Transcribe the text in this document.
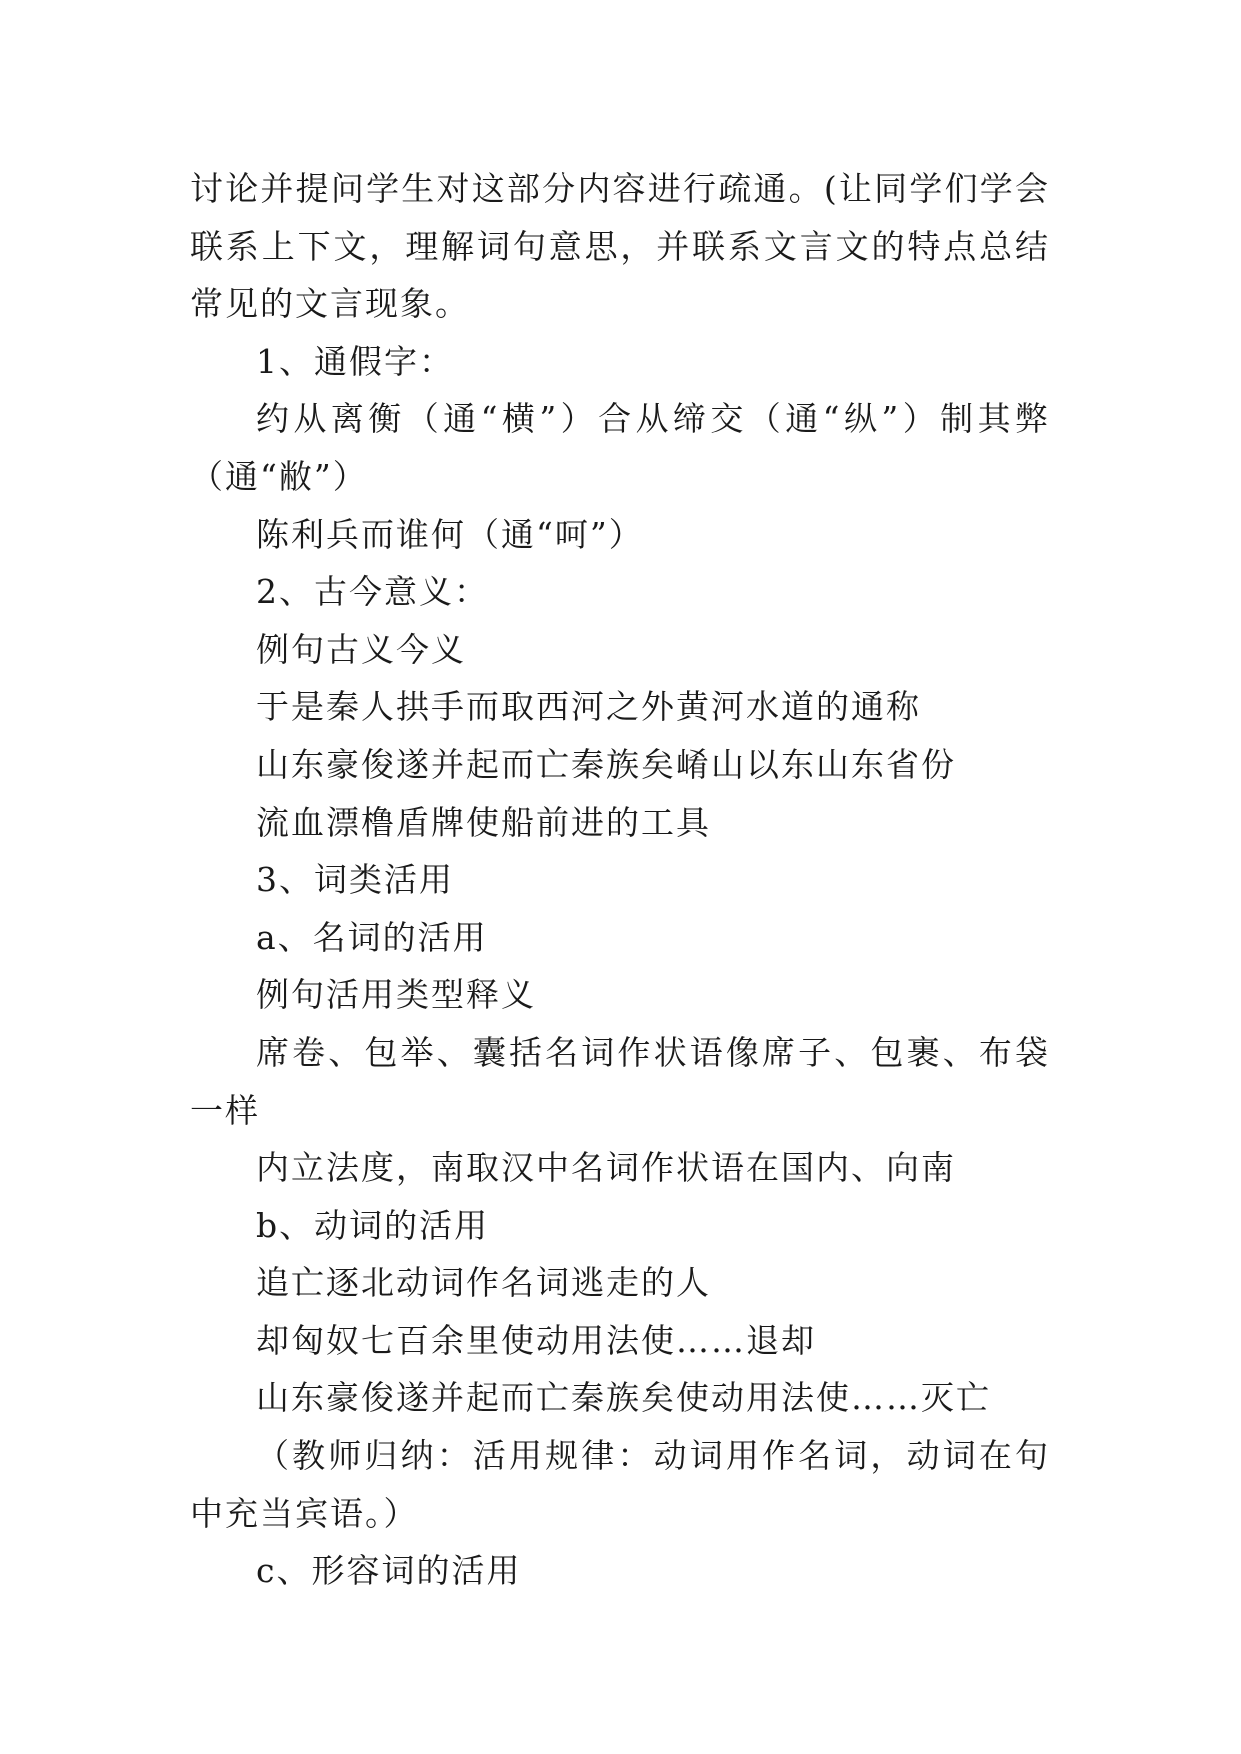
讨论并提问学生对这部分内容进行疏通。(让同学们学会联系上下文，理解词句意思，并联系文言文的特点总结常见的文言现象。

1、通假字：

约从离衡（通“横”）合从缔交（通“纵”）制其弊（通“敝”）

陈利兵而谁何（通“呵”）

2、古今意义：

例句古义今义

于是秦人拱手而取西河之外黄河水道的通称

山东豪俊遂并起而亡秦族矣崤山以东山东省份

流血漂橹盾牌使船前进的工具

3、词类活用

a、名词的活用

例句活用类型释义

席卷、包举、囊括名词作状语像席子、包裹、布袋一样

内立法度，南取汉中名词作状语在国内、向南

b、动词的活用

追亡逐北动词作名词逃走的人

却匈奴七百余里使动用法使……退却

山东豪俊遂并起而亡秦族矣使动用法使……灭亡

（教师归纳：活用规律：动词用作名词，动词在句中充当宾语。）

c、形容词的活用
